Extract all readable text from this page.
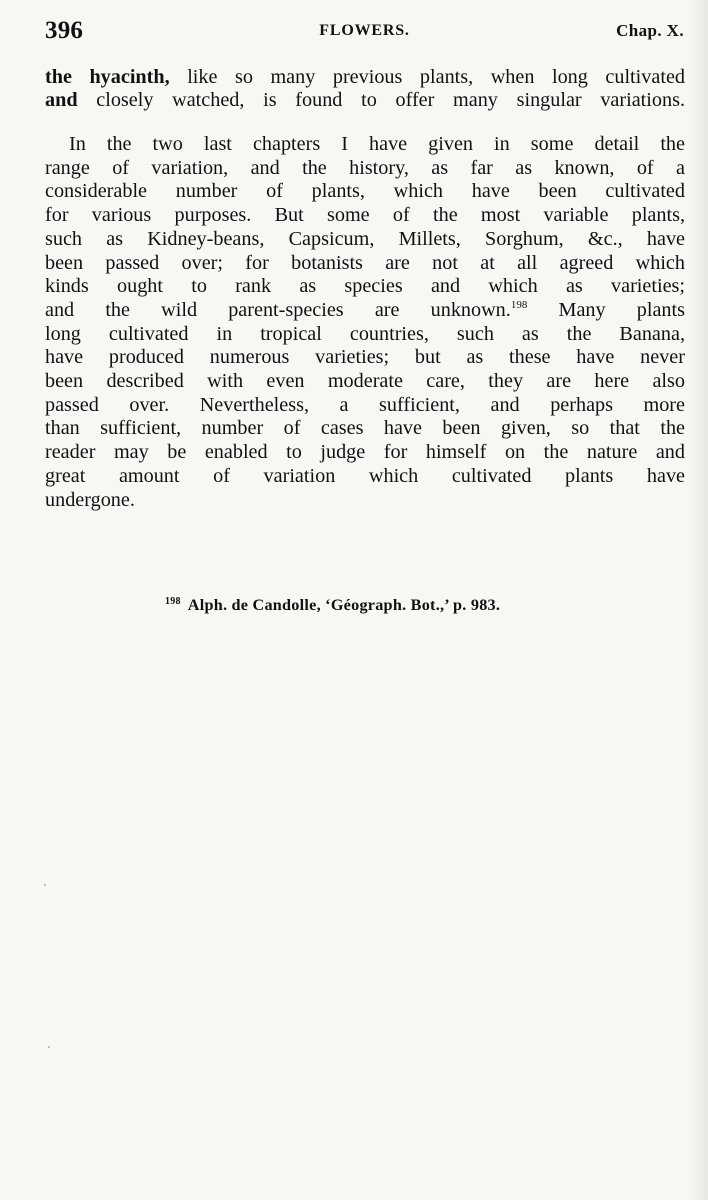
396	FLOWERS.	Chap. X.
the hyacinth, like so many previous plants, when long cultivated
and closely watched, is found to offer many singular variations.
In the two last chapters I have given in some detail the
range of variation, and the history, as far as known, of a
considerable number of plants, which have been cultivated
for various purposes. But some of the most variable plants,
such as Kidney-beans, Capsicum, Millets, Sorghum, &c., have
been passed over; for botanists are not at all agreed which
kinds ought to rank as species and which as varieties;
and the wild parent-species are unknown.$^{198}$ Many plants
long cultivated in tropical countries, such as the Banana,
have produced numerous varieties; but as these have never
been described with even moderate care, they are here also
passed over. Nevertheless, a sufficient, and perhaps more
than sufficient, number of cases have been given, so that the
reader may be enabled to judge for himself on the nature and
great amount of variation which cultivated plants have
undergone.
$^{198}$ Alph. de Candolle, ‘Géograph. Bot.,’ p. 983.
